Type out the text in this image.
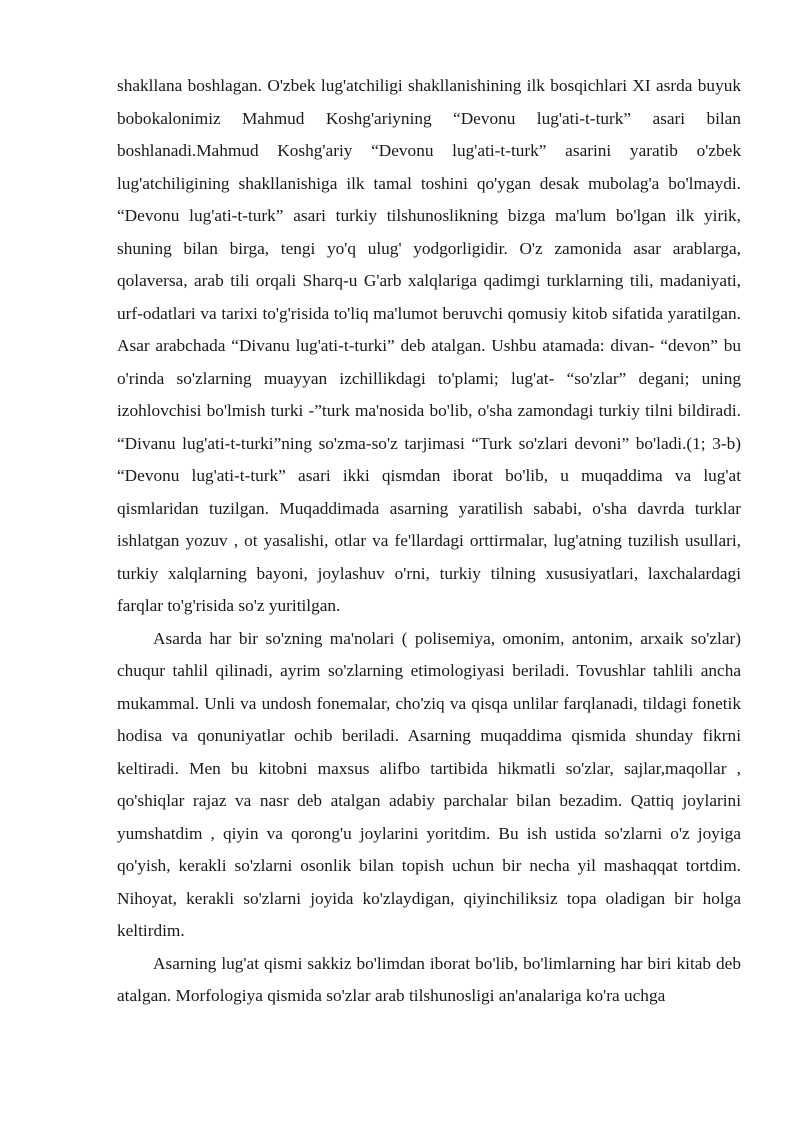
shakllana boshlagan. O'zbek lug'atchiligi shakllanishining ilk bosqichlari XI asrda buyuk bobokalonimiz Mahmud Koshg'ariyning “Devonu lug'ati-t-turk” asari bilan boshlanadi.Mahmud Koshg'ariy “Devonu lug'ati-t-turk” asarini yaratib o'zbek lug'atchiligining shakllanishiga ilk tamal toshini qo'ygan desak mubolag'a bo'lmaydi. “Devonu lug'ati-t-turk” asari turkiy tilshunoslikning bizga ma'lum bo'lgan ilk yirik, shuning bilan birga, tengi yo'q ulug' yodgorligidir. O'z zamonida asar arablarga, qolaversa, arab tili orqali Sharq-u G'arb xalqlariga qadimgi turklarning tili, madaniyati, urf-odatlari va tarixi to'g'risida to'liq ma'lumot beruvchi qomusiy kitob sifatida yaratilgan. Asar arabchada “Divanu lug'ati-t-turki” deb atalgan. Ushbu atamada: divan- “devon” bu o'rinda so'zlarning muayyan izchillikdagi to'plami; lug'at- “so'zlar” degani; uning izohlovchisi bo'lmish turki -”turk ma'nosida bo'lib, o'sha zamondagi turkiy tilni bildiradi. “Divanu lug'ati-t-turki”ning so'zma-so'z tarjimasi “Turk so'zlari devoni” bo'ladi.(1; 3-b) “Devonu lug'ati-t-turk” asari ikki qismdan iborat bo'lib, u muqaddima va lug'at qismlaridan tuzilgan. Muqaddimada asarning yaratilish sababi, o'sha davrda turklar ishlatgan yozuv , ot yasalishi, otlar va fe'llardagi orttirmalar, lug'atning tuzilish usullari, turkiy xalqlarning bayoni, joylashuv o'rni, turkiy tilning xususiyatlari, laxchalardagi farqlar to'g'risida so'z yuritilgan.

Asarda har bir so'zning ma'nolari ( polisemiya, omonim, antonim, arxaik so'zlar) chuqur tahlil qilinadi, ayrim so'zlarning etimologiyasi beriladi. Tovushlar tahlili ancha mukammal. Unli va undosh fonemalar, cho'ziq va qisqa unlilar farqlanadi, tildagi fonetik hodisa va qonuniyatlar ochib beriladi. Asarning muqaddima qismida shunday fikrni keltiradi. Men bu kitobni maxsus alifbo tartibida hikmatli so'zlar, sajlar,maqollar , qo'shiqlar rajaz va nasr deb atalgan adabiy parchalar bilan bezadim. Qattiq joylarini yumshatdim , qiyin va qorong'u joylarini yoritdim. Bu ish ustida so'zlarni o'z joyiga qo'yish, kerakli so'zlarni osonlik bilan topish uchun bir necha yil mashaqqat tortdim. Nihoyat, kerakli so'zlarni joyida ko'zlaydigan, qiyinchiliksiz topa oladigan bir holga keltirdim.

Asarning lug'at qismi sakkiz bo'limdan iborat bo'lib, bo'limlarning har biri kitab deb atalgan. Morfologiya qismida so'zlar arab tilshunosligi an'analariga ko'ra uchga
